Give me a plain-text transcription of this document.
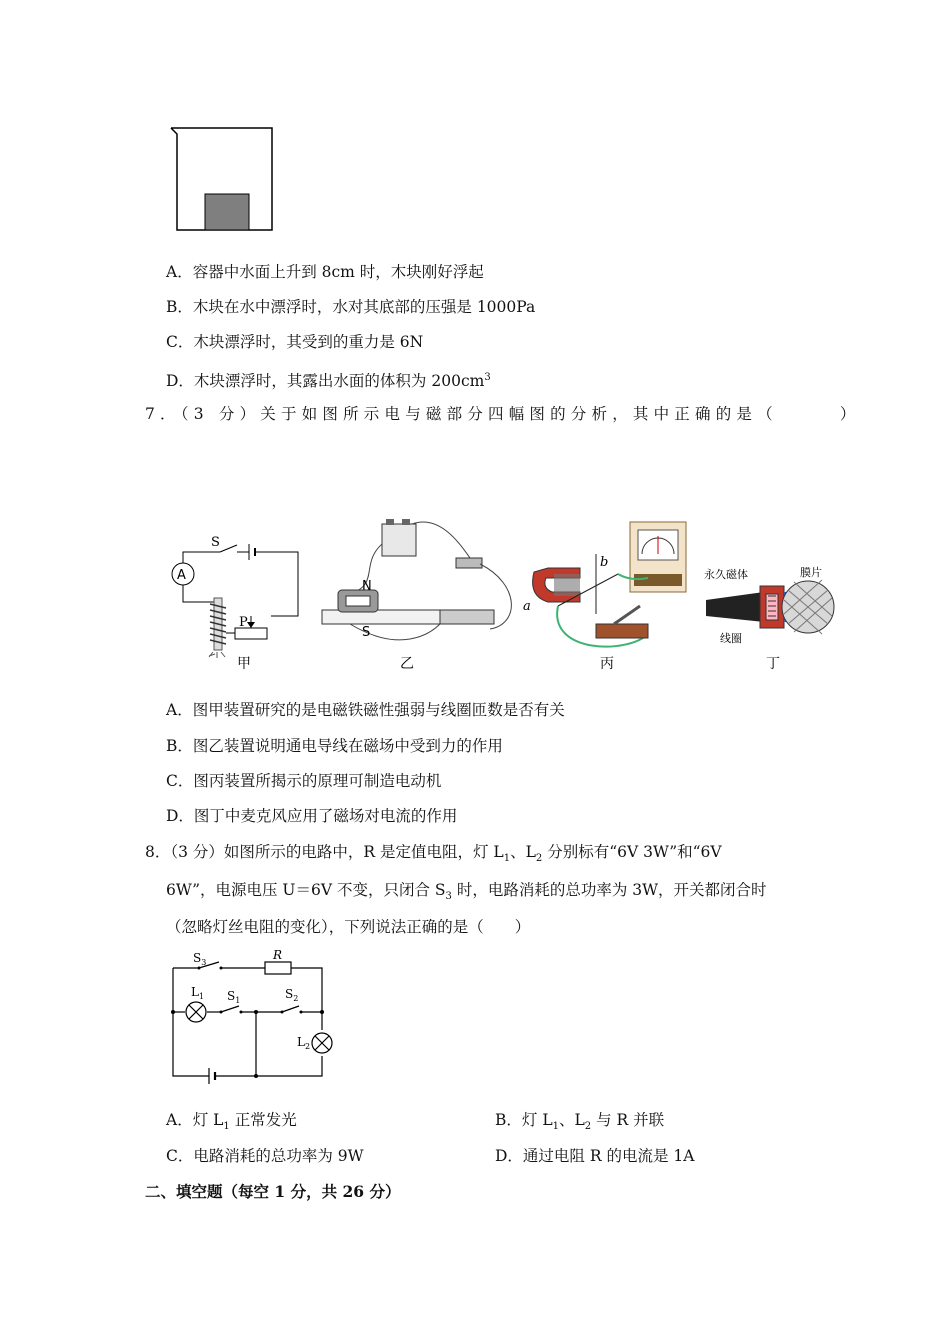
A．容器中水面上升到 8cm 时，木块刚好浮起
B．木块在水中漂浮时，水对其底部的压强是 1000Pa
C．木块漂浮时，其受到的重力是 6N
D．木块漂浮时，其露出水面的体积为 $200cm^3$
7．（3 分）关于如图所示电与磁部分四幅图的分析，其中正确的是（　　　）
A
S
P
甲
N
S
乙
a
b
丙
永久磁体	膜片
线圈
丁
A．图甲装置研究的是电磁铁磁性强弱与线圈匝数是否有关
B．图乙装置说明通电导线在磁场中受到力的作用
C．图丙装置所揭示的原理可制造电动机
D．图丁中麦克风应用了磁场对电流的作用
8．（3 分）如图所示的电路中，R 是定值电阻，灯 $L_1$、$L_2$ 分别标有“6V 3W”和“6V
6W”，电源电压 U＝6V 不变，只闭合 $S_3$ 时，电路消耗的总功率为 3W，开关都闭合时
（忽略灯丝电阻的变化），下列说法正确的是（　　）
$S_3$
R
$L_1$ $S_1$	$S_2$
$L_2$
A．灯 $L_1$ 正常发光	B．灯 $L_1$、$L_2$ 与 R 并联
C．电路消耗的总功率为 9W	D．通过电阻 R 的电流是 1A
二、填空题（每空 1 分，共 26 分）
